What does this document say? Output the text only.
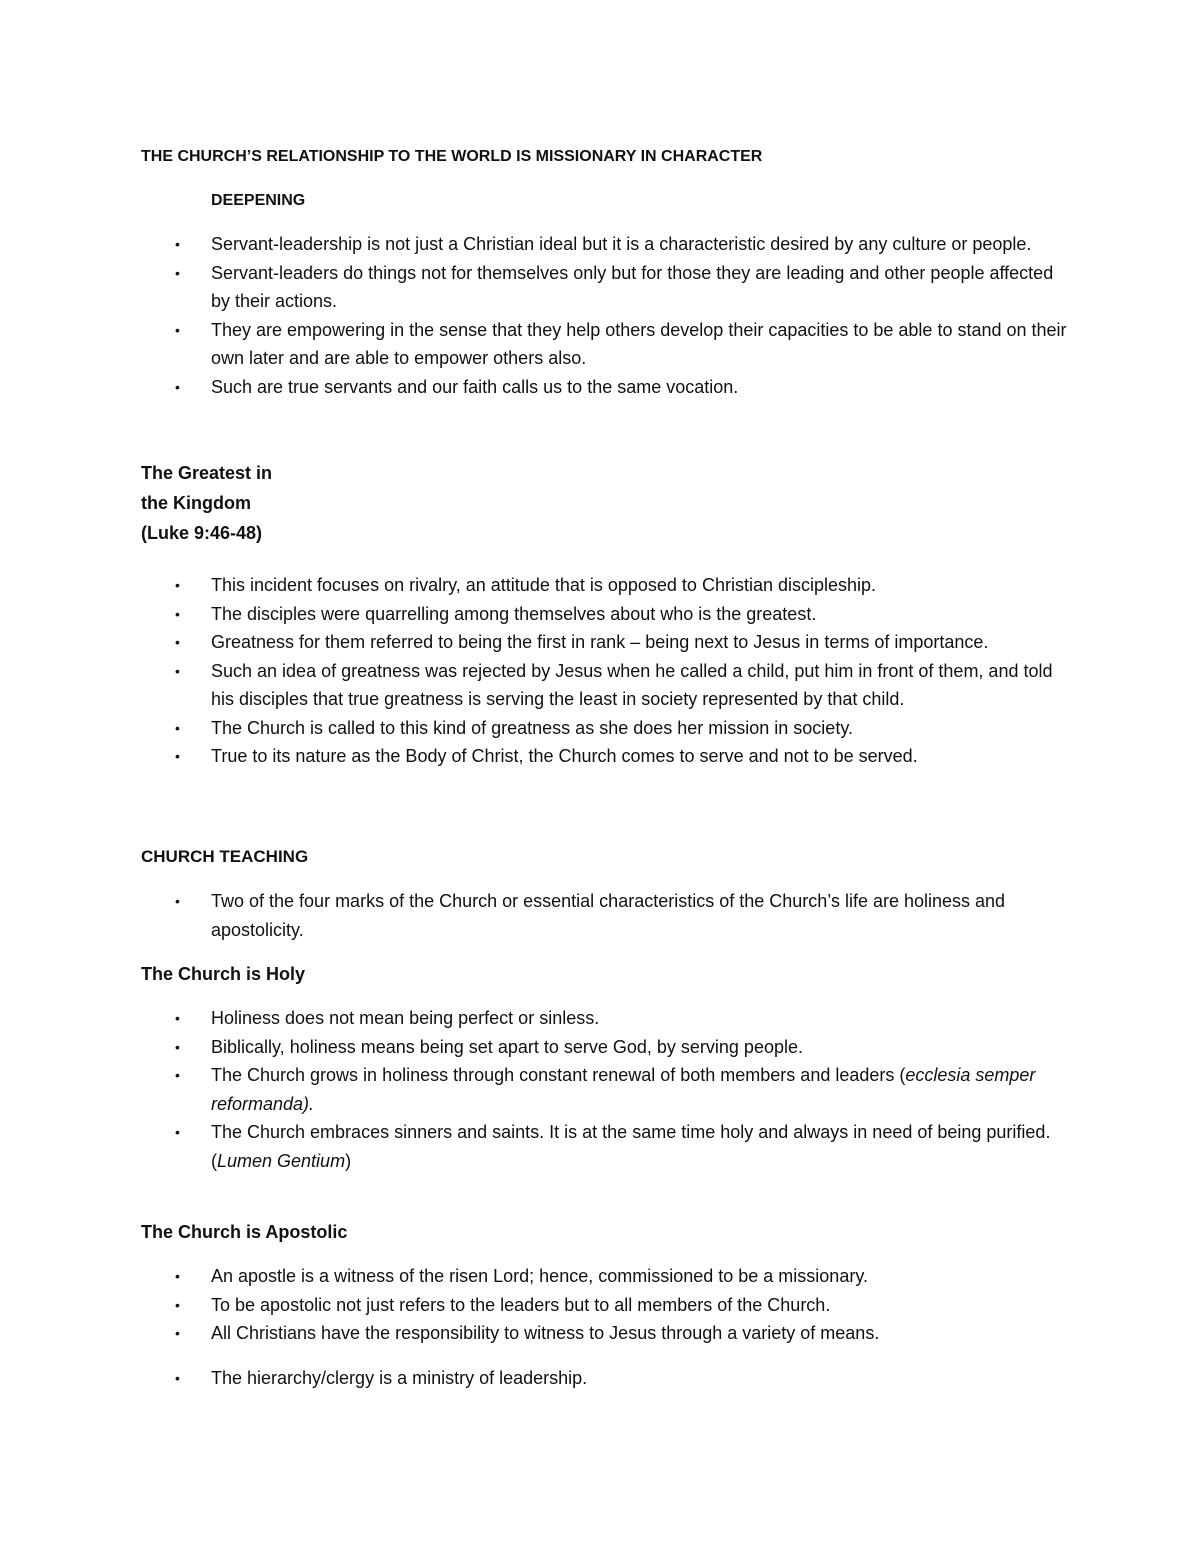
THE CHURCH’S RELATIONSHIP TO THE WORLD IS MISSIONARY IN CHARACTER
DEEPENING
• Servant-leadership is not just a Christian ideal but it is a characteristic desired by any culture or people.
• Servant-leaders do things not for themselves only but for those they are leading and other people affected by their actions.
• They are empowering in the sense that they help others develop their capacities to be able to stand on their own later and are able to empower others also.
• Such are true servants and our faith calls us to the same vocation.
The Greatest in
the Kingdom
(Luke 9:46-48)
• This incident focuses on rivalry, an attitude that is opposed to Christian discipleship.
• The disciples were quarrelling among themselves about who is the greatest.
• Greatness for them referred to being the first in rank – being next to Jesus in terms of importance.
• Such an idea of greatness was rejected by Jesus when he called a child, put him in front of them, and told his disciples that true greatness is serving the least in society represented by that child.
• The Church is called to this kind of greatness as she does her mission in society.
• True to its nature as the Body of Christ, the Church comes to serve and not to be served.
CHURCH TEACHING
• Two of the four marks of the Church or essential characteristics of the Church’s life are holiness and apostolicity.
The Church is Holy
• Holiness does not mean being perfect or sinless.
• Biblically, holiness means being set apart to serve God, by serving people.
• The Church grows in holiness through constant renewal of both members and leaders (ecclesia semper reformanda).
• The Church embraces sinners and saints. It is at the same time holy and always in need of being purified. (Lumen Gentium)
The Church is Apostolic
• An apostle is a witness of the risen Lord; hence, commissioned to be a missionary.
• To be apostolic not just refers to the leaders but to all members of the Church.
• All Christians have the responsibility to witness to Jesus through a variety of means.
• The hierarchy/clergy is a ministry of leadership.
